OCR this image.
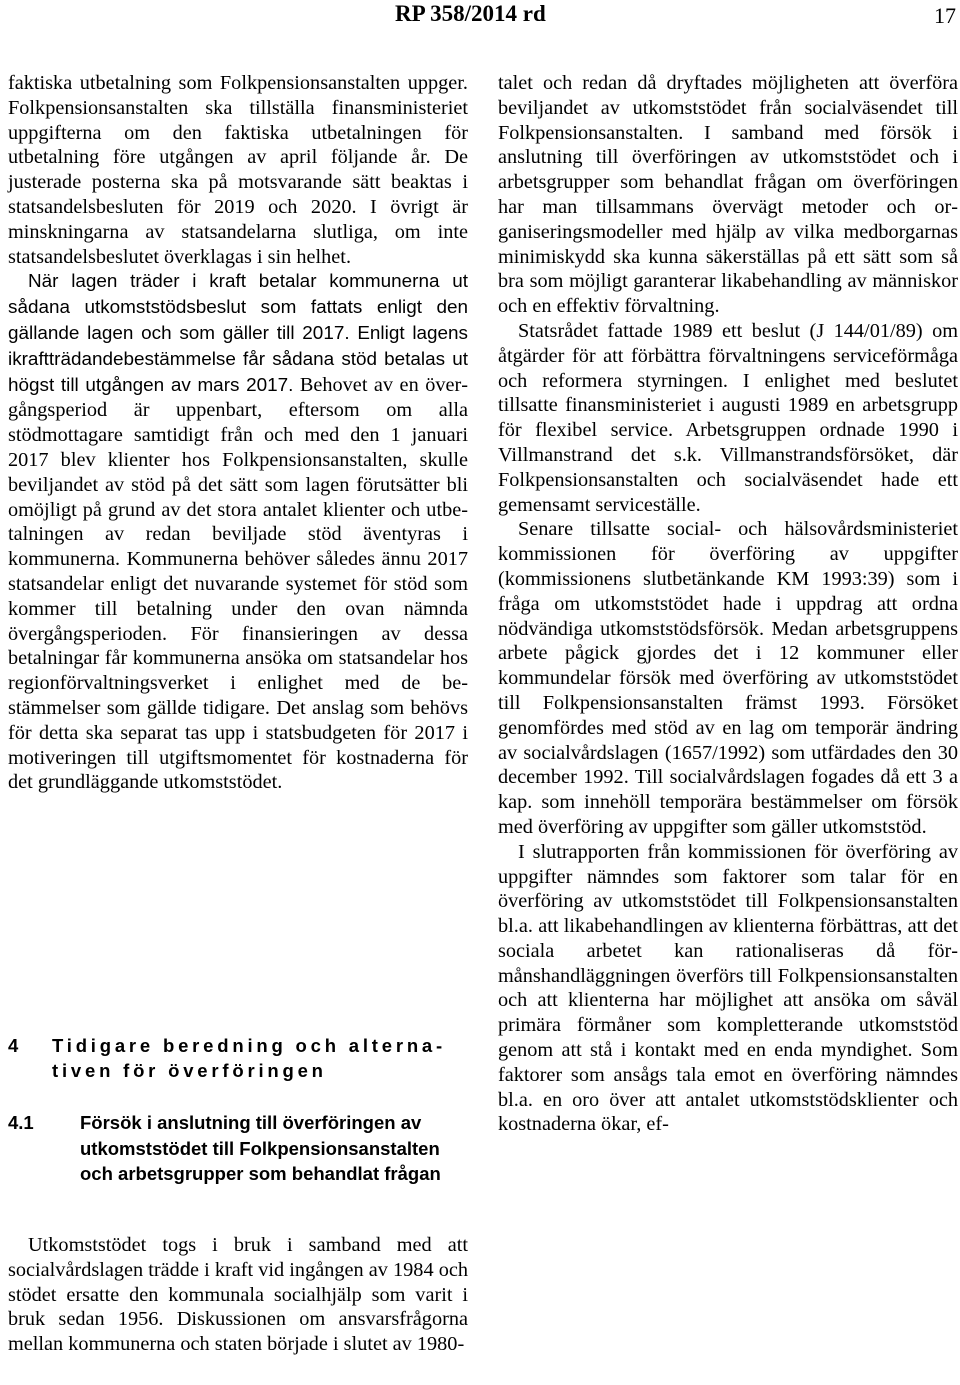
RP 358/2014 rd	17

faktiska utbetalning som Folkpensionsanstalten uppger. Folkpensionsanstalten ska tillställa finansministeriet uppgifterna om den faktiska utbetalningen för utbetalning före utgången av april följande år. De justerade posterna ska på motsvarande sätt beaktas i statsandelsbesluten för 2019 och 2020. I övrigt är minskningarna av statsandelarna slutliga, om inte statsandelsbeslutet överklagas i sin helhet.

När lagen träder i kraft betalar kommunerna ut sådana utkomststödsbeslut som fattats enligt den gällande lagen och som gäller till 2017. Enligt lagens ikraftträdandebestämmelse får sådana stöd betalas ut högst till utgången av mars 2017. Behovet av en övergångsperiod är uppenbart, eftersom om alla stödmottagare samtidigt från och med den 1 januari 2017 blev klienter hos Folkpensionsanstalten, skulle beviljandet av stöd på det sätt som lagen förutsätter bli omöjligt på grund av det stora antalet klienter och utbetalningen av redan beviljade stöd äventyras i kommunerna. Kommunerna behöver således ännu 2017 statsandelar enligt det nuvarande systemet för stöd som kommer till betalning under den ovan nämnda övergångsperioden. För finansieringen av dessa betalningar får kommunerna ansöka om statsandelar hos regionförvaltningsverket i enlighet med de bestämmelser som gällde tidigare. Det anslag som behövs för detta ska separat tas upp i statsbudgeten för 2017 i motiveringen till utgiftsmomentet för kostnaderna för det grundläggande utkomststödet.

4 Tidigare beredning och alternativen för överföringen
4.1	Försök i anslutning till överföringen av utkomststödet till Folkpensionsanstalten och arbetsgrupper som behandlat frågan

Utkomststödet togs i bruk i samband med att socialvårdslagen trädde i kraft vid ingången av 1984 och stödet ersatte den kommunala socialhjälp som varit i bruk sedan 1956. Diskussionen om ansvarsfrågorna mellan kommunerna och staten började i slutet av 1980-

talet och redan då dryftades möjligheten att överföra beviljandet av utkomststödet från socialväsendet till Folkpensionsanstalten. I samband med försök i anslutning till överföringen av utkomststödet och i arbetsgrupper som behandlat frågan om överföringen har man tillsammans övervägt metoder och organiseringsmodeller med hjälp av vilka medborgarnas minimiskydd ska kunna säkerställas på ett sätt som så bra som möjligt garanterar likabehandling av människor och en effektiv förvaltning.

Statsrådet fattade 1989 ett beslut (J 144/01/89) om åtgärder för att förbättra förvaltningens serviceförmåga och reformera styrningen. I enlighet med beslutet tillsatte finansministeriet i augusti 1989 en arbetsgrupp för flexibel service. Arbetsgruppen ordnade 1990 i Villmanstrand det s.k. Villmanstrandsförsöket, där Folkpensionsanstalten och socialväsendet hade ett gemensamt serviceställe.

Senare tillsatte social- och hälsovårdsministeriet kommissionen för överföring av uppgifter (kommissionens slutbetänkande KM 1993:39) som i fråga om utkomststödet hade i uppdrag att ordna nödvändiga utkomststödsförsök. Medan arbetsgruppens arbete pågick gjordes det i 12 kommuner eller kommundelar försök med överföring av utkomststödet till Folkpensionsanstalten främst 1993. Försöket genomfördes med stöd av en lag om temporär ändring av socialvårdslagen (1657/1992) som utfärdades den 30 december 1992. Till socialvårdslagen fogades då ett 3 a kap. som innehöll temporära bestämmelser om försök med överföring av uppgifter som gäller utkomststöd.

I slutrapporten från kommissionen för överföring av uppgifter nämndes som faktorer som talar för en överföring av utkomststödet till Folkpensionsanstalten bl.a. att likabehandlingen av klienterna förbättras, att det sociala arbetet kan rationaliseras då förmånshandläggningen överförs till Folkpensionsanstalten och att klienterna har möjlighet att ansöka om såväl primära förmåner som kompletterande utkomststöd genom att stå i kontakt med en enda myndighet. Som faktorer som ansågs tala emot en överföring nämndes bl.a. en oro över att antalet utkomststödsklienter och kostnaderna ökar, ef-
